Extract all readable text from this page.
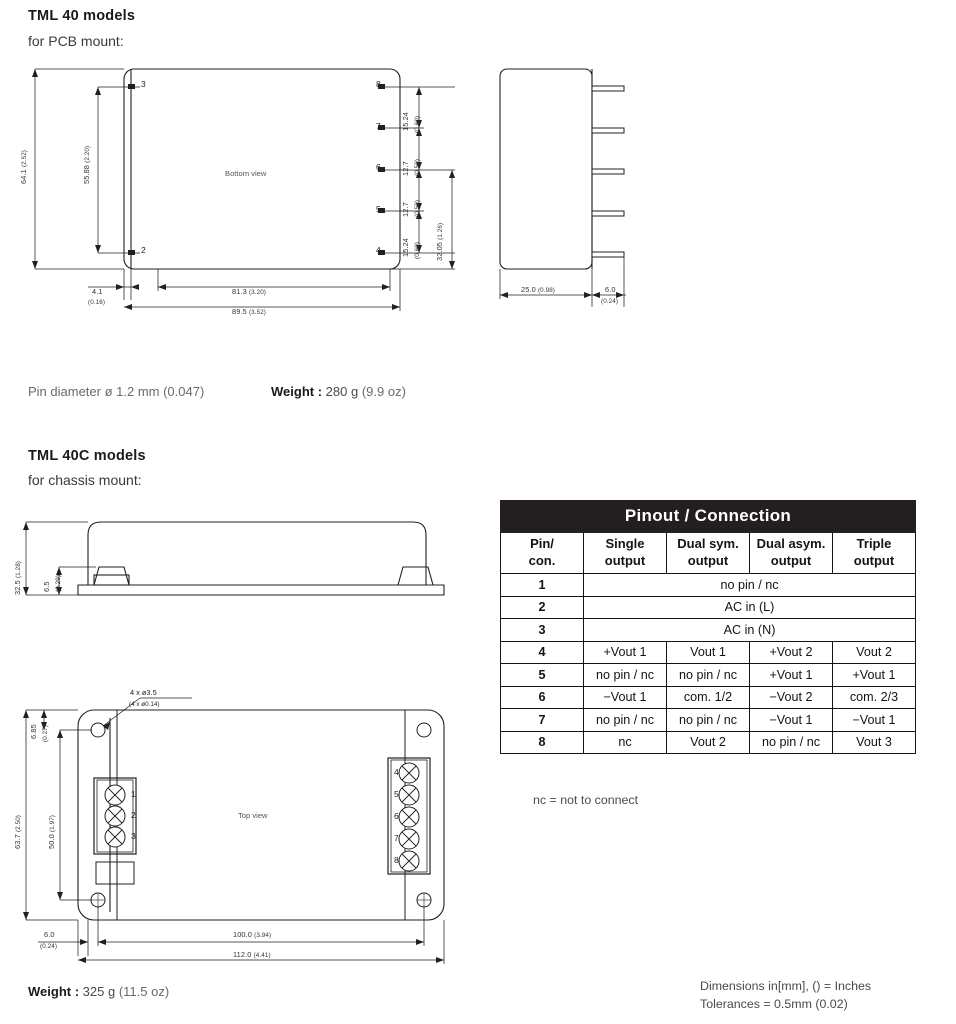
TML 40 models
for PCB mount:
64.1 (2.52)
55.88 (2.20)
3
2
8
7
6
5
4
Bottom view
15.24 (0.60)
12.7 (0.50)
12.7 (0.50)
15.24 (0.60) 32.05 (1.26)
4.1
(0.16)
81.3 (3.20)
89.5 (3.52)
25.0 (0.98)	6.0
(0.24)
Pin diameter ø 1.2 mm (0.047)	Weight : 280 g (9.9 oz)
TML 40C models
for chassis mount:
32.5 (1.28)
6.5 (0.29)
63.7 (2.50)
50.0 (1.97)
6.85 (0.27)
4 x ø3.5
(4 x ø0.14)
1
2
3
4
5
6
7
8
Top view
6.0
(0.24)
100.0 (3.94)
112.0 (4.41)
Weight : 325 g (11.5 oz)
Pinout / Connection				

Pin/
con.

Single
output

Dual sym.
output

Dual asym.
output

Triple
output

1	no pin / nc			
2	AC in (L)			
3	AC in (N)			
4	+Vout 1	Vout 1	+Vout 2	Vout 2
5	no pin / nc	no pin / nc	+Vout 1	+Vout 1
6	−Vout 1	com. 1/2	−Vout 2	com. 2/3
7	no pin / nc	no pin / nc	−Vout 1	−Vout 1
8	nc	Vout 2	no pin / nc	Vout 3
nc = not to connect
Dimensions in[mm], () = Inches
Tolerances = 0.5mm (0.02)
